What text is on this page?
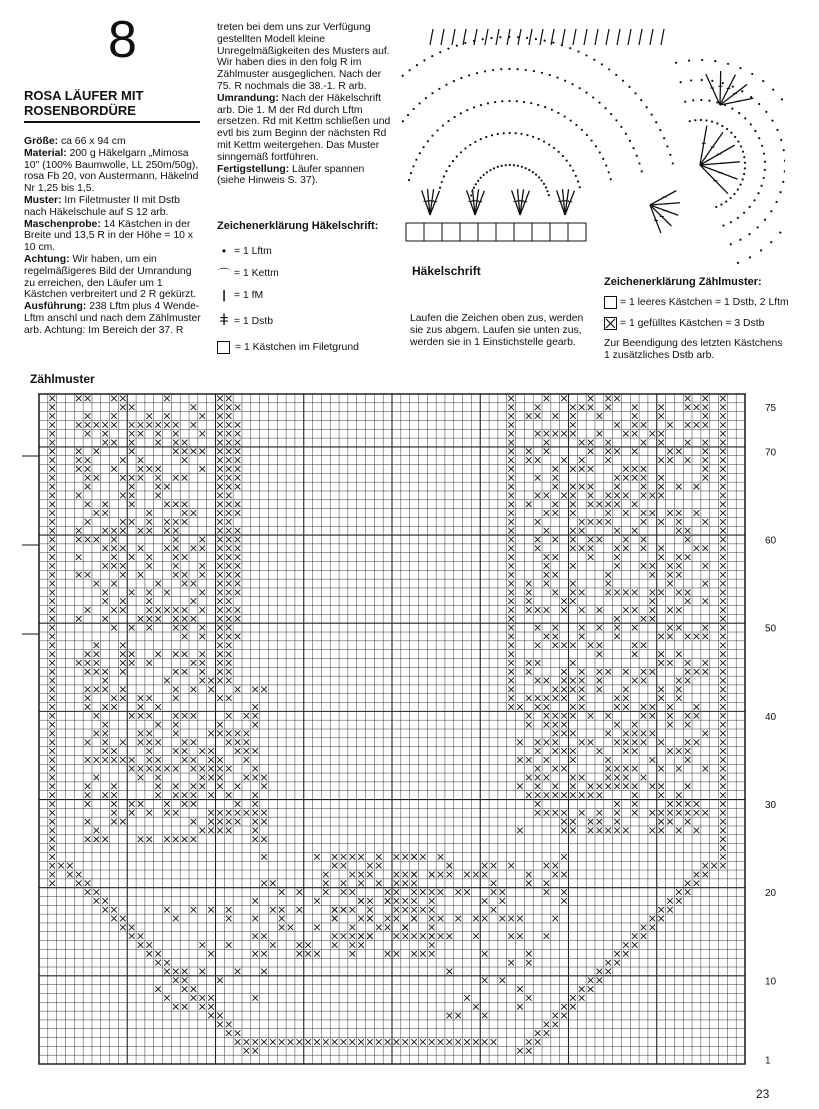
8
ROSA LÄUFER MIT
ROSENBORDÜRE
Größe: ca 66 x 94 cm
Material: 200 g Häkelgarn „Mimosa 10" (100% Baumwolle, LL 250m/50g), rosa Fb 20, von Austermann, Häkelnd Nr 1,25 bis 1,5.
Muster: Im Filetmuster II mit Dstb nach Häkelschule auf S 12 arb.
Maschenprobe: 14 Kästchen in der Breite und 13,5 R in der Höhe = 10 x 10 cm.
Achtung: Wir haben, um ein regelmäßigeres Bild der Umrandung zu erreichen, den Läufer um 1 Kästchen verbreitert und 2 R gekürzt.
Ausführung: 238 Lftm plus 4 Wende-Lftm anschl und nach dem Zählmuster arb. Achtung: Im Bereich der 37. R
treten bei dem uns zur Verfügung gestellten Modell kleine Unregelmäßigkeiten des Musters auf. Wir haben dies in den folg R im Zählmuster ausgeglichen. Nach der 75. R nochmals die 38.-1. R arb.
Umrandung: Nach der Häkelschrift arb. Die 1. M der Rd durch Lftm ersetzen. Rd mit Kettm schließen und evtl bis zum Beginn der nächsten Rd mit Kettm weitergehen. Das Muster sinngemäß fortführen.
Fertigstellung: Läufer spannen (siehe Hinweis S. 37).
Zeichenerklärung Häkelschrift:
• = 1 Lftm
⌒ = 1 Kettm
| = 1 fM
ǂ = 1 Dstb
= 1 Kästchen im Filetgrund
Häkelschrift
Laufen die Zeichen oben zus, werden sie zus abgem. Laufen sie unten zus, werden sie in 1 Einstichstelle gearb.
Zeichenerklärung Zählmuster:
= 1 leeres Kästchen = 1 Dstb, 2 Lftm
= 1 gefülltes Kästchen = 3 Dstb
Zur Beendigung des letzten Kästchens 1 zusätzliches Dstb arb.
Zählmuster
75
70
60
50
40
30
20
10
1
23
